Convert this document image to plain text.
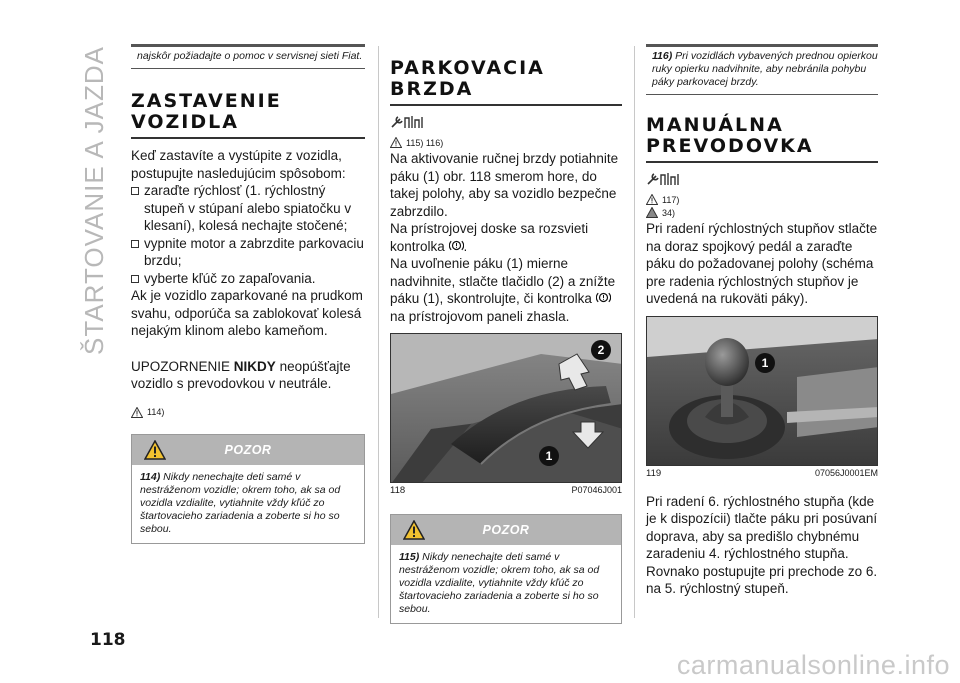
ŠTARTOVANIE A JAZDA
118
carmanualsonline.info
najskôr požiadajte o pomoc v servisnej sieti Fiat.
ZASTAVENIE
VOZIDLA

Keď zastavíte a vystúpite z vozidla, postupujte nasledujúcim spôsobom:

zaraďte rýchlosť (1. rýchlostný stupeň v stúpaní alebo spiatočku v klesaní), kolesá nechajte stočené;
vypnite motor a zabrzdite parkovaciu brzdu;
vyberte kľúč zo zapaľovania.

Ak je vozidlo zaparkované na prudkom svahu, odporúča sa zablokovať kolesá nejakým klinom alebo kameňom.

UPOZORNENIE NIKDY neopúšťajte
vozidlo s prevodovkou v neutrále.

114)
POZOR
114) Nikdy nenechajte deti samé v nestráženom vozidle; okrem toho, ak sa od vozidla vzdialite, vytiahnite vždy kľúč zo štartovacieho zariadenia a zoberte si ho so sebou.
PARKOVACIA
BRZDA
115) 116)

Na aktivovanie ručnej brzdy potiahnite páku (1) obr. 118 smerom hore, do takej polohy, aby sa vozidlo bezpečne zabrzdilo.

Na prístrojovej doske sa rozsvieti kontrolka .

Na uvoľnenie páku (1) mierne nadvihnite, stlačte tlačidlo (2) a znížte páku (1), skontrolujte, či kontrolka  na prístrojovom paneli zhasla.

2
1
118	P07046J001
POZOR
115) Nikdy nenechajte deti samé v nestráženom vozidle; okrem toho, ak sa od vozidla vzdialite, vytiahnite vždy kľúč zo štartovacieho zariadenia a zoberte si ho so sebou.
116) Pri vozidlách vybavených prednou opierkou ruky opierku nadvihnite, aby nebránila pohybu páky parkovacej brzdy.
MANUÁLNA
PREVODOVKA
117)
34)

Pri radení rýchlostných stupňov stlačte na doraz spojkový pedál a zaraďte páku do požadovanej polohy (schéma pre radenia rýchlostných stupňov je uvedená na rukoväti páky).

1
119	07056J0001EM

Pri radení 6. rýchlostného stupňa (kde je k dispozícii) tlačte páku pri posúvaní doprava, aby sa predišlo chybnému zaradeniu 4. rýchlostného stupňa. Rovnako postupujte pri prechode zo 6. na 5. rýchlostný stupeň.
